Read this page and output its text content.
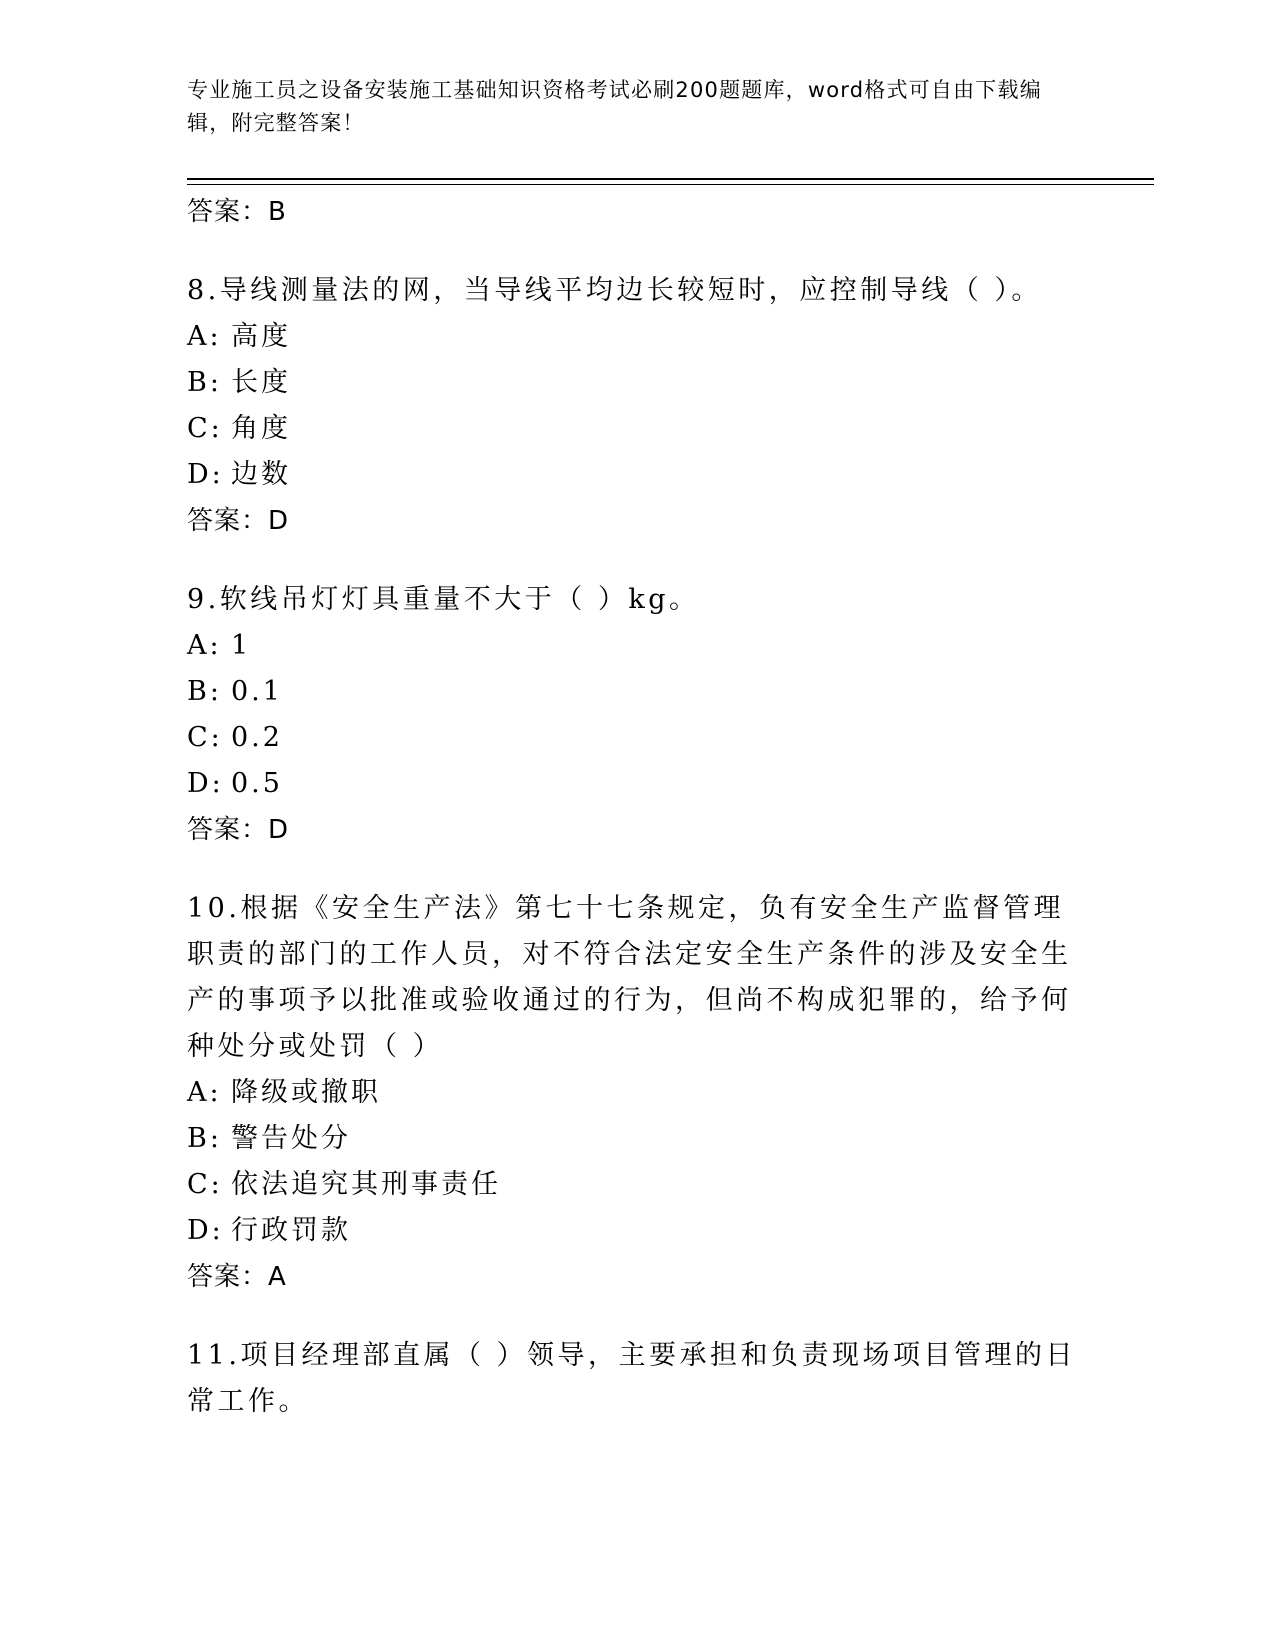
专业施工员之设备安装施工基础知识资格考试必刷200题题库，word格式可自由下载编辑，附完整答案！
答案：B
8.导线测量法的网，当导线平均边长较短时，应控制导线（ ）。
A: 高度
B: 长度
C: 角度
D: 边数
答案：D
9.软线吊灯灯具重量不大于（ ）kg。
A: 1
B: 0.1
C: 0.2
D: 0.5
答案：D
10.根据《安全生产法》第七十七条规定，负有安全生产监督管理职责的部门的工作人员，对不符合法定安全生产条件的涉及安全生产的事项予以批准或验收通过的行为，但尚不构成犯罪的，给予何种处分或处罚（ ）
A: 降级或撤职
B: 警告处分
C: 依法追究其刑事责任
D: 行政罚款
答案：A
11.项目经理部直属（ ）领导，主要承担和负责现场项目管理的日常工作。
